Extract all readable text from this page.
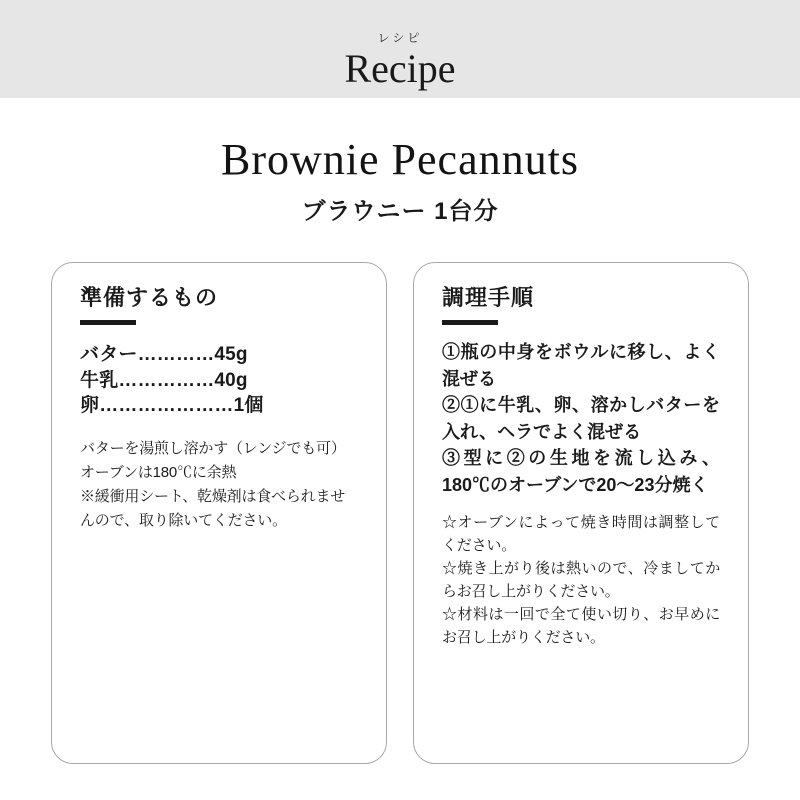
レシピ
Recipe
Brownie Pecannuts
ブラウニー 1台分
準備するもの
バター…………45g
牛乳……………40g
卵…………………1個

バターを湯煎し溶かす（レンジでも可）

オーブンは180℃に余熱

※緩衝用シート、乾燥剤は食べられませんので、取り除いてください。

調理手順

①瓶の中身をボウルに移し、よく混ぜる

②①に牛乳、卵、溶かしバターを入れ、ヘラでよく混ぜる

③型に②の生地を流し込み、180℃のオーブンで20～23分焼く

☆オーブンによって焼き時間は調整してください。

☆焼き上がり後は熱いので、冷ましてからお召し上がりください。

☆材料は一回で全て使い切り、お早めにお召し上がりください。
